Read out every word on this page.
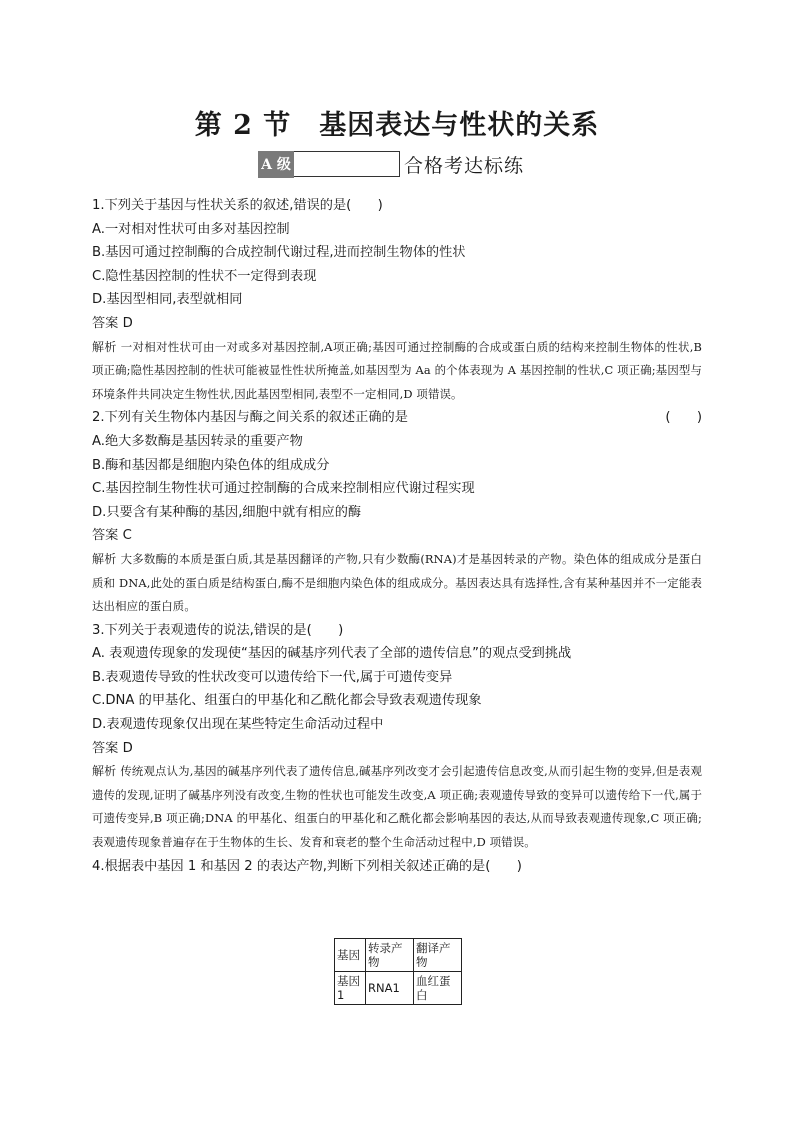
第 2 节 基因表达与性状的关系
A 级	合格考达标练
1.下列关于基因与性状关系的叙述,错误的是(　　)
A.一对相对性状可由多对基因控制
B.基因可通过控制酶的合成控制代谢过程,进而控制生物体的性状
C.隐性基因控制的性状不一定得到表现
D.基因型相同,表型就相同
答案 D
解析 一对相对性状可由一对或多对基因控制,A项正确;基因可通过控制酶的合成或蛋白质的结构来控制生物体的性状,B 项正确;隐性基因控制的性状可能被显性性状所掩盖,如基因型为 Aa 的个体表现为 A 基因控制的性状,C 项正确;基因型与环境条件共同决定生物性状,因此基因型相同,表型不一定相同,D 项错误。
2.下列有关生物体内基因与酶之间关系的叙述正确的是	(　　)
A.绝大多数酶是基因转录的重要产物
B.酶和基因都是细胞内染色体的组成成分
C.基因控制生物性状可通过控制酶的合成来控制相应代谢过程实现
D.只要含有某种酶的基因,细胞中就有相应的酶
答案 C
解析 大多数酶的本质是蛋白质,其是基因翻译的产物,只有少数酶(RNA)才是基因转录的产物。染色体的组成成分是蛋白质和 DNA,此处的蛋白质是结构蛋白,酶不是细胞内染色体的组成成分。基因表达具有选择性,含有某种基因并不一定能表达出相应的蛋白质。
3.下列关于表观遗传的说法,错误的是(　　)
A. 表观遗传现象的发现使“基因的碱基序列代表了全部的遗传信息”的观点受到挑战
B.表观遗传导致的性状改变可以遗传给下一代,属于可遗传变异
C.DNA 的甲基化、组蛋白的甲基化和乙酰化都会导致表观遗传现象
D.表观遗传现象仅出现在某些特定生命活动过程中
答案 D
解析 传统观点认为,基因的碱基序列代表了遗传信息,碱基序列改变才会引起遗传信息改变,从而引起生物的变异,但是表观遗传的发现,证明了碱基序列没有改变,生物的性状也可能发生改变,A 项正确;表观遗传导致的变异可以遗传给下一代,属于可遗传变异,B 项正确;DNA 的甲基化、组蛋白的甲基化和乙酰化都会影响基因的表达,从而导致表观遗传现象,C 项正确;表观遗传现象普遍存在于生物体的生长、发育和衰老的整个生命活动过程中,D 项错误。
4.根据表中基因 1 和基因 2 的表达产物,判断下列相关叙述正确的是(　　)
基因	转录产物	翻译产物
基因 1	RNA1	血红蛋白
